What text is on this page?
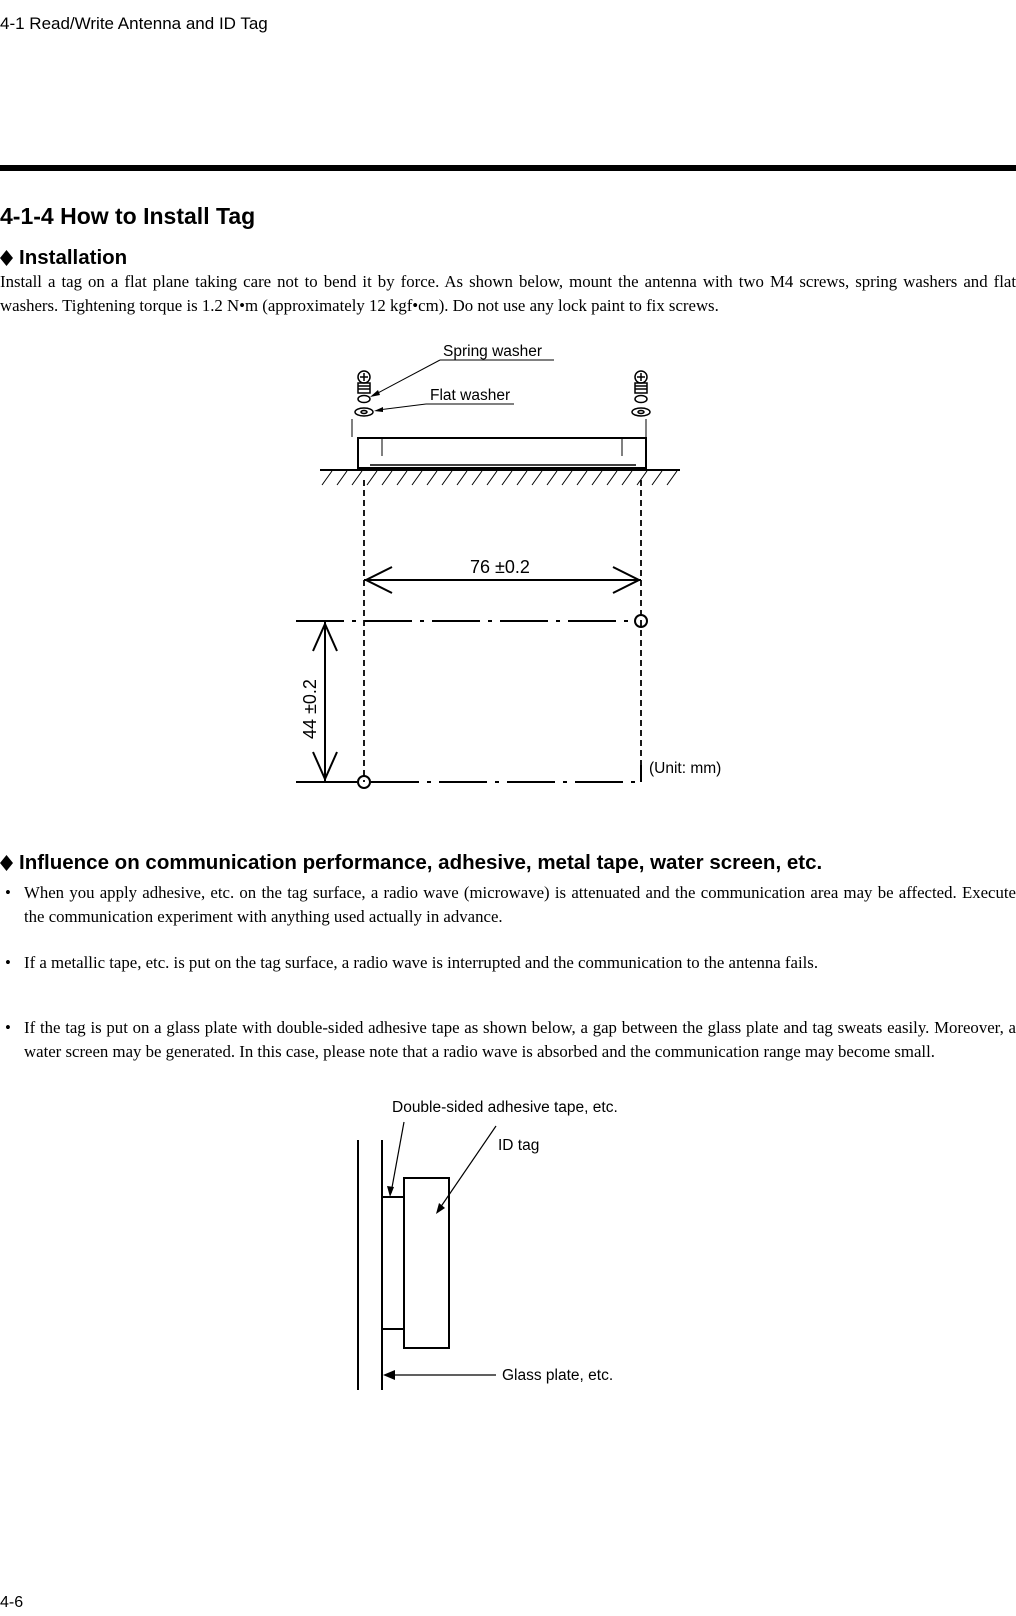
4-1 Read/Write Antenna and ID Tag
4-1-4 How to Install Tag
Installation

Install a tag on a flat plane taking care not to bend it by force. As shown below, mount the antenna with two M4 screws, spring washers and flat washers. Tightening torque is 1.2 N•m (approximately 12 kgf•cm). Do not use any lock paint to fix screws.

Spring washer
Flat washer
76 ±0.2
44 ±0.2
(Unit: mm)
Influence on communication performance, adhesive, metal tape, water screen, etc.
• When you apply adhesive, etc. on the tag surface, a radio wave (microwave) is attenuated and the communication area may be affected. Execute the communication experiment with anything used actually in advance.
• If a metallic tape, etc. is put on the tag surface, a radio wave is interrupted and the communication to the antenna fails.
• If the tag is put on a glass plate with double-sided adhesive tape as shown below, a gap between the glass plate and tag sweats easily. Moreover, a water screen may be generated. In this case, please note that a radio wave is absorbed and the communication range may become small.
Double-sided adhesive tape, etc.
ID tag
Glass plate, etc.
4-6
